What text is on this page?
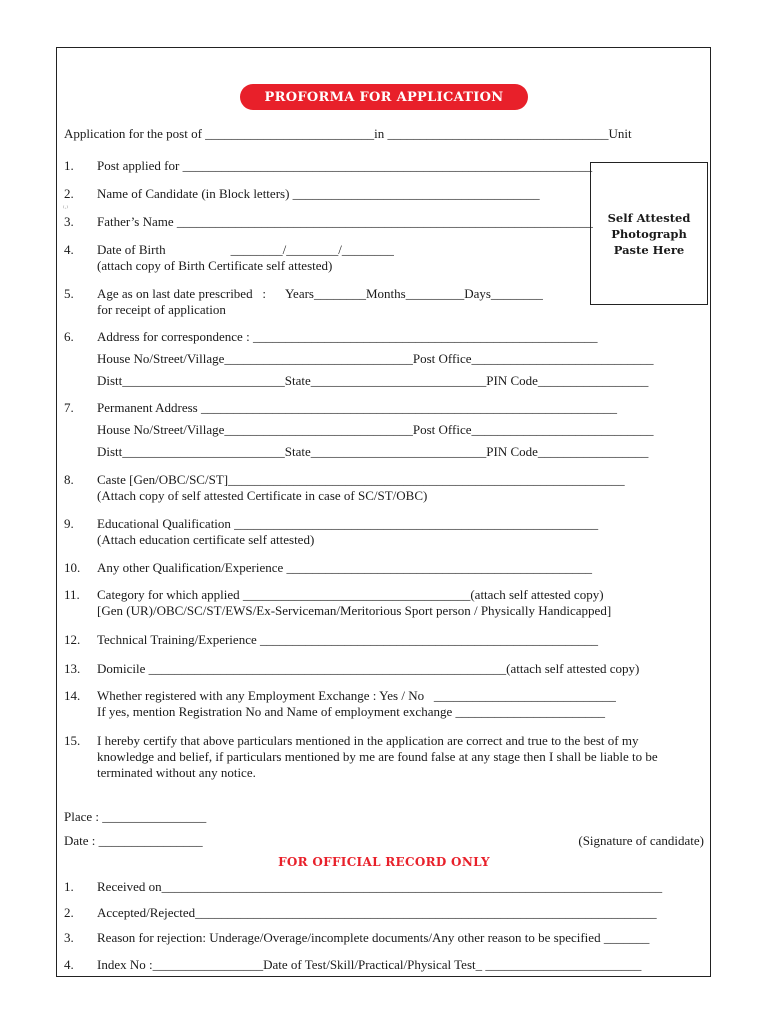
PROFORMA FOR APPLICATION
Application for the post of __________________________in __________________________________Unit
Self Attested
Photograph
Paste Here
⁽·⁾
1. Post applied for _______________________________________________________________
2. Name of Candidate (in Block letters) ______________________________________
3. Father’s Name ________________________________________________________________
4. Date of Birth                    ________/________/________
(attach copy of Birth Certificate self attested)
5. Age as on last date prescribed   :      Years________Months_________Days________
for receipt of application
6. Address for correspondence : _____________________________________________________
House No/Street/Village_____________________________Post Office____________________________
Distt_________________________State___________________________PIN Code_________________
7. Permanent Address ________________________________________________________________
House No/Street/Village_____________________________Post Office____________________________
Distt_________________________State___________________________PIN Code_________________
8. Caste [Gen/OBC/SC/ST]_____________________________________________________________
(Attach copy of self attested Certificate in case of SC/ST/OBC)
9. Educational Qualification ________________________________________________________
(Attach education certificate self attested)
10. Any other Qualification/Experience _______________________________________________
11. Category for which applied ___________________________________(attach self attested copy)
[Gen (UR)/OBC/SC/ST/EWS/Ex-Serviceman/Meritorious Sport person / Physically Handicapped]
12. Technical Training/Experience ____________________________________________________
13. Domicile _______________________________________________________(attach self attested copy)
14. Whether registered with any Employment Exchange : Yes / No   ____________________________
If yes, mention Registration No and Name of employment exchange _______________________
15. I hereby certify that above particulars mentioned in the application are correct and true to the best of my
knowledge and belief, if particulars mentioned by me are found false at any stage then I shall be liable to be
terminated without any notice.
Place : ________________
Date : ________________	(Signature of candidate)
FOR OFFICIAL RECORD ONLY
1. Received on_____________________________________________________________________________
2. Accepted/Rejected_______________________________________________________________________
3. Reason for rejection: Underage/Overage/incomplete documents/Any other reason to be specified _______
4. Index No :_________________Date of Test/Skill/Practical/Physical Test_ ________________________
